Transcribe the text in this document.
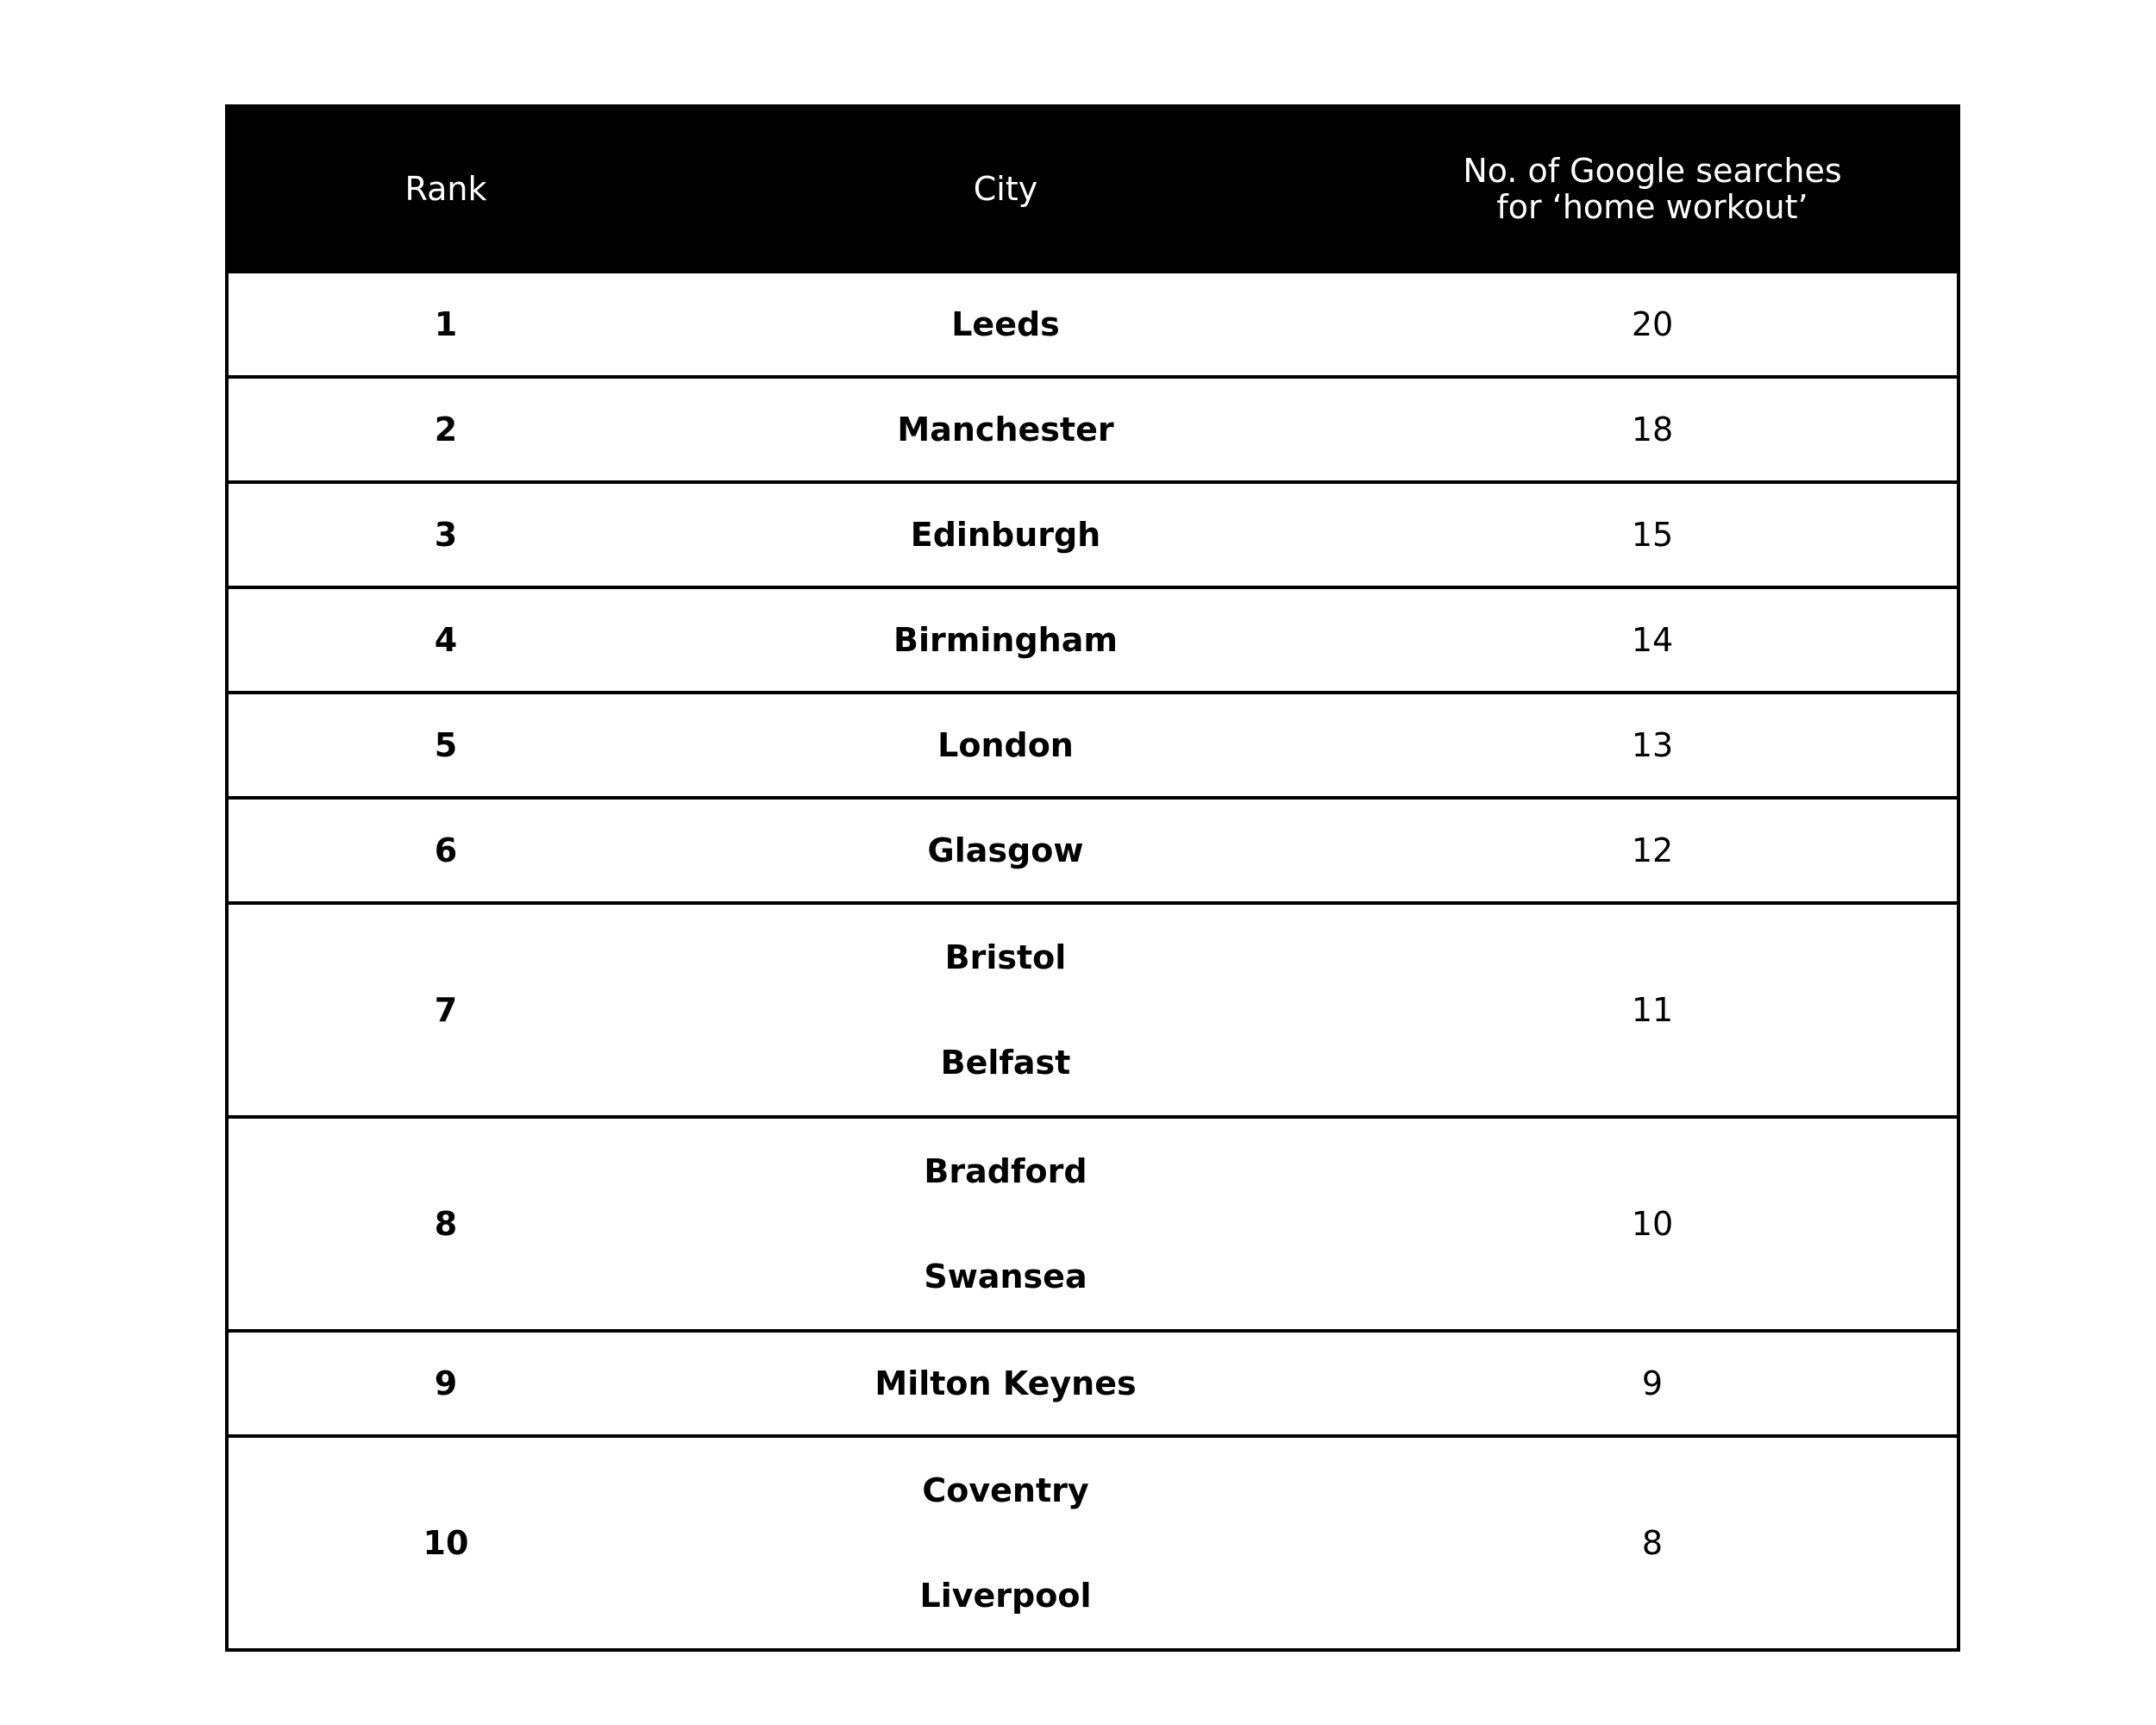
Rank	City	No. of Google searches
for ‘home workout’

1	Leeds	20
2	Manchester	18
3	Edinburgh	15
4	Birmingham	14
5	London	13
6	Glasgow	12
7	Bristol
Belfast	11
8	Bradford
Swansea	10
9	Milton Keynes	9
10	Coventry
Liverpool	8
